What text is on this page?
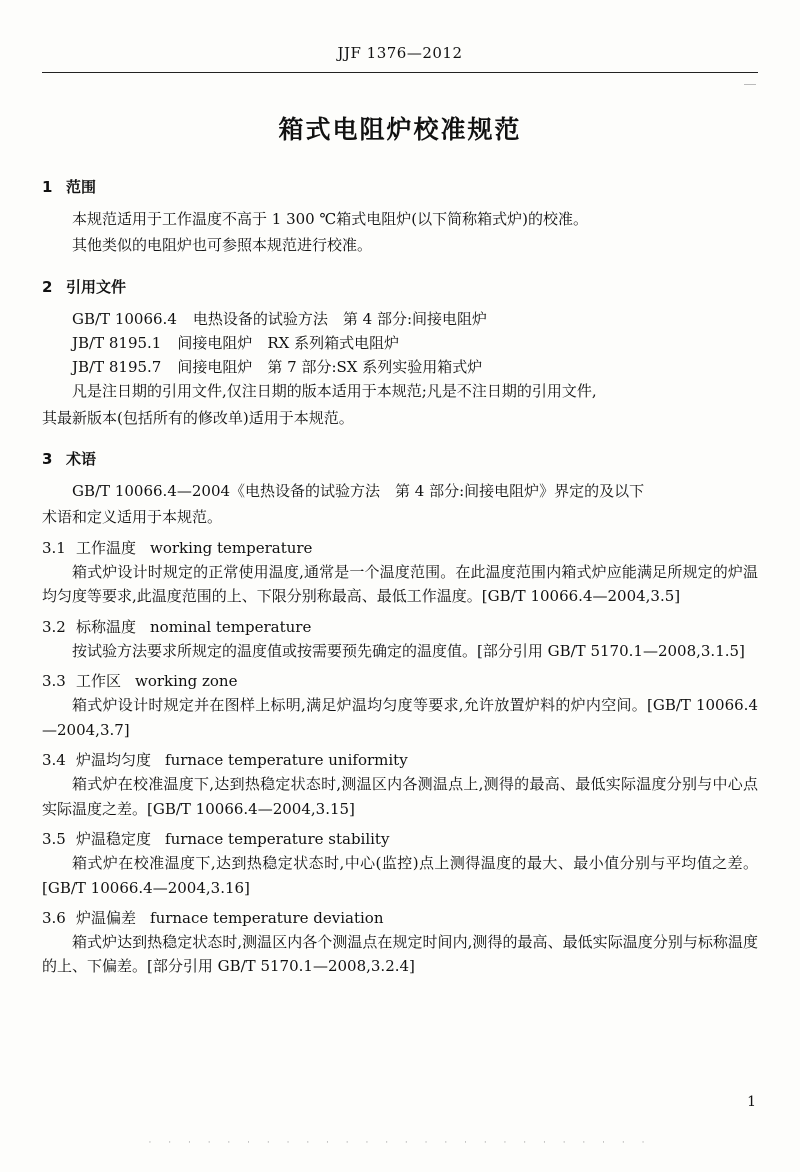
JJF 1376—2012
箱式电阻炉校准规范
1 范围

本规范适用于工作温度不高于 1 300 ℃箱式电阻炉(以下简称箱式炉)的校准。

其他类似的电阻炉也可参照本规范进行校准。

2 引用文件
GB/T 10066.4 电热设备的试验方法　第 4 部分:间接电阻炉
JB/T 8195.1 间接电阻炉　RX 系列箱式电阻炉
JB/T 8195.7 间接电阻炉　第 7 部分:SX 系列实验用箱式炉

凡是注日期的引用文件,仅注日期的版本适用于本规范;凡是不注日期的引用文件,

其最新版本(包括所有的修改单)适用于本规范。

3 术语

GB/T 10066.4—2004《电热设备的试验方法　第 4 部分:间接电阻炉》界定的及以下

术语和定义适用于本规范。

3.1 工作温度 working temperature

箱式炉设计时规定的正常使用温度,通常是一个温度范围。在此温度范围内箱式炉应能满足所规定的炉温均匀度等要求,此温度范围的上、下限分别称最高、最低工作温度。[GB/T 10066.4—2004,3.5]

3.2 标称温度 nominal temperature

按试验方法要求所规定的温度值或按需要预先确定的温度值。[部分引用 GB/T 5170.1—2008,3.1.5]

3.3 工作区 working zone

箱式炉设计时规定并在图样上标明,满足炉温均匀度等要求,允许放置炉料的炉内空间。[GB/T 10066.4—2004,3.7]

3.4 炉温均匀度 furnace temperature uniformity

箱式炉在校准温度下,达到热稳定状态时,测温区内各测温点上,测得的最高、最低实际温度分别与中心点实际温度之差。[GB/T 10066.4—2004,3.15]

3.5 炉温稳定度 furnace temperature stability

箱式炉在校准温度下,达到热稳定状态时,中心(监控)点上测得温度的最大、最小值分别与平均值之差。[GB/T 10066.4—2004,3.16]

3.6 炉温偏差 furnace temperature deviation

箱式炉达到热稳定状态时,测温区内各个测温点在规定时间内,测得的最高、最低实际温度分别与标称温度的上、下偏差。[部分引用 GB/T 5170.1—2008,3.2.4]

1
· · · · · · · · · · · · · · · · · · · · · · · · · ·
